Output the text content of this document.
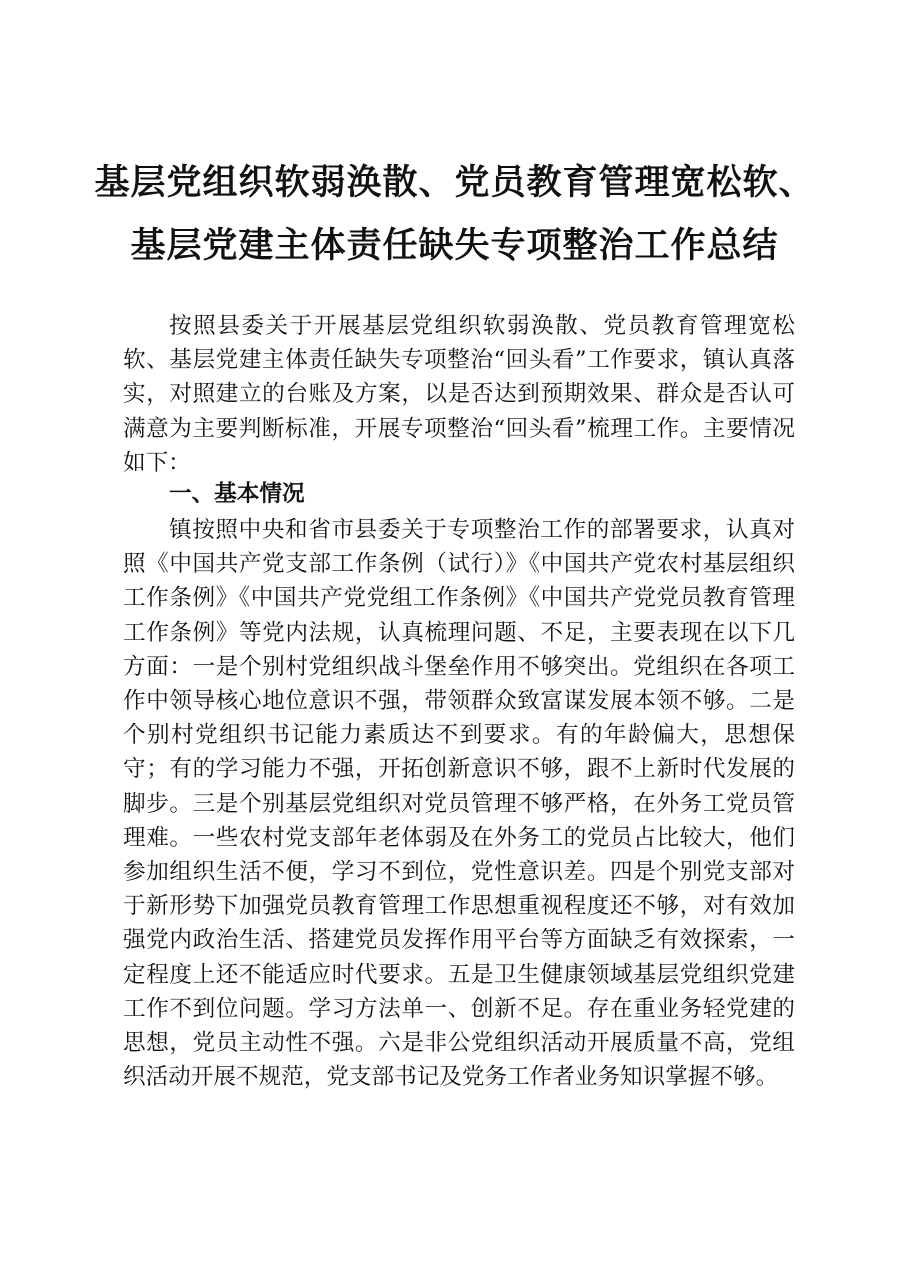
基层党组织软弱涣散、党员教育管理宽松软、
基层党建主体责任缺失专项整治工作总结

按照县委关于开展基层党组织软弱涣散、党员教育管理宽松软、基层党建主体责任缺失专项整治“回头看”工作要求，镇认真落实，对照建立的台账及方案，以是否达到预期效果、群众是否认可满意为主要判断标准，开展专项整治“回头看”梳理工作。主要情况如下：

一、基本情况

镇按照中央和省市县委关于专项整治工作的部署要求，认真对照《中国共产党支部工作条例（试行）》《中国共产党农村基层组织工作条例》《中国共产党党组工作条例》《中国共产党党员教育管理工作条例》等党内法规，认真梳理问题、不足，主要表现在以下几方面：一是个别村党组织战斗堡垒作用不够突出。党组织在各项工作中领导核心地位意识不强，带领群众致富谋发展本领不够。二是个别村党组织书记能力素质达不到要求。有的年龄偏大，思想保守；有的学习能力不强，开拓创新意识不够，跟不上新时代发展的脚步。三是个别基层党组织对党员管理不够严格，在外务工党员管理难。一些农村党支部年老体弱及在外务工的党员占比较大，他们参加组织生活不便，学习不到位，党性意识差。四是个别党支部对于新形势下加强党员教育管理工作思想重视程度还不够，对有效加强党内政治生活、搭建党员发挥作用平台等方面缺乏有效探索，一定程度上还不能适应时代要求。五是卫生健康领域基层党组织党建工作不到位问题。学习方法单一、创新不足。存在重业务轻党建的思想，党员主动性不强。六是非公党组织活动开展质量不高，党组织活动开展不规范，党支部书记及党务工作者业务知识掌握不够。
